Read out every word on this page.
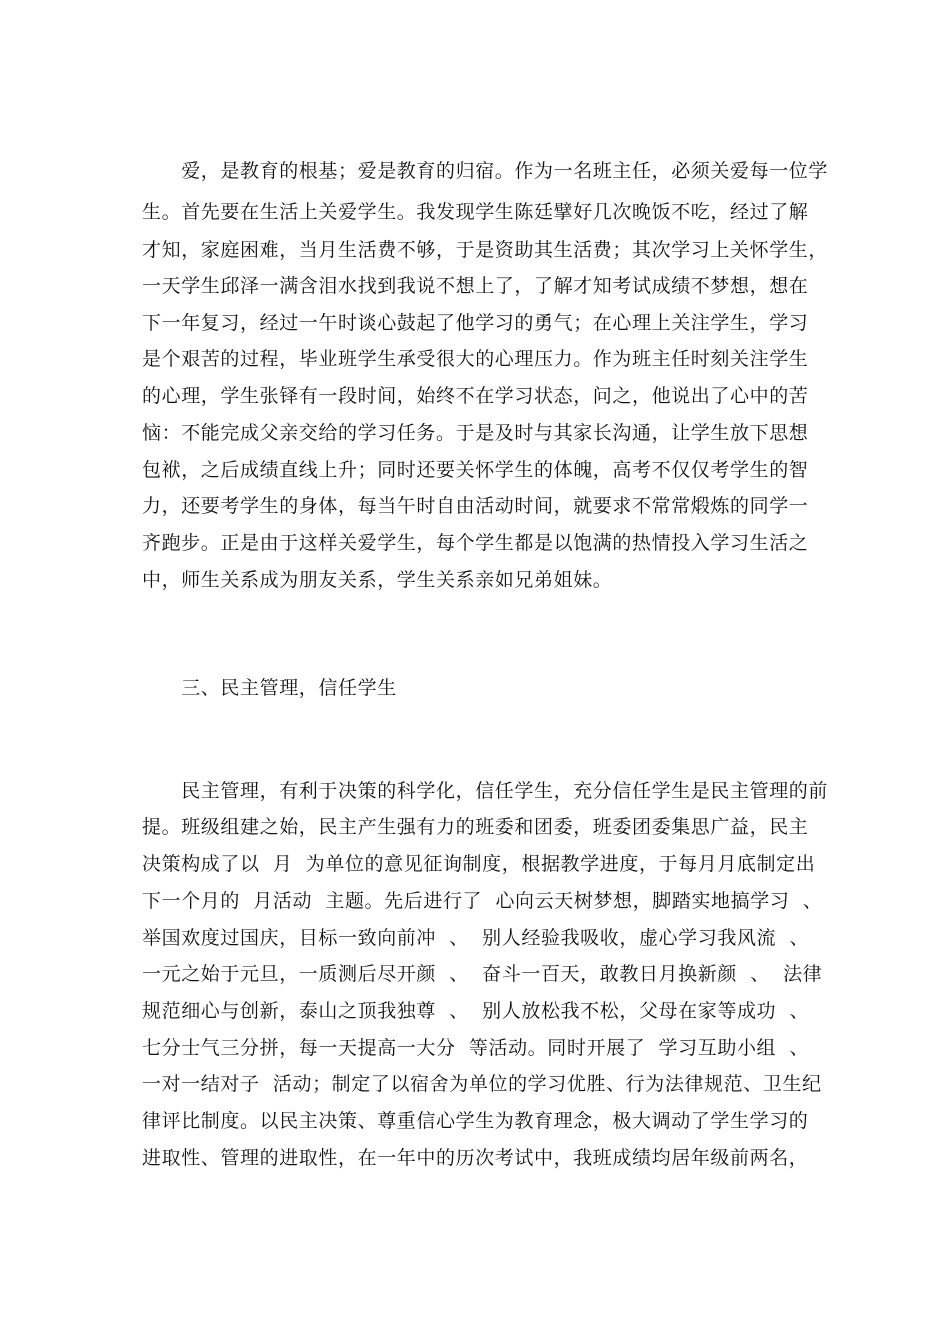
　　爱，是教育的根基；爱是教育的归宿。作为一名班主任，必须关爱每一位学
生。首先要在生活上关爱学生。我发现学生陈廷擘好几次晚饭不吃，经过了解
才知，家庭困难，当月生活费不够，于是资助其生活费；其次学习上关怀学生，
一天学生邱泽一满含泪水找到我说不想上了，了解才知考试成绩不梦想，想在
下一年复习，经过一午时谈心鼓起了他学习的勇气；在心理上关注学生，学习
是个艰苦的过程，毕业班学生承受很大的心理压力。作为班主任时刻关注学生
的心理，学生张铎有一段时间，始终不在学习状态，问之，他说出了心中的苦
恼：不能完成父亲交给的学习任务。于是及时与其家长沟通，让学生放下思想
包袱，之后成绩直线上升；同时还要关怀学生的体魄，高考不仅仅考学生的智
力，还要考学生的身体，每当午时自由活动时间，就要求不常常煅炼的同学一
齐跑步。正是由于这样关爱学生，每个学生都是以饱满的热情投入学习生活之
中，师生关系成为朋友关系，学生关系亲如兄弟姐妹。
　　三、民主管理，信任学生
　　民主管理，有利于决策的科学化，信任学生，充分信任学生是民主管理的前
提。班级组建之始，民主产生强有力的班委和团委，班委团委集思广益，民主
决策构成了以  月  为单位的意见征询制度，根据教学进度，于每月月底制定出
下一个月的  月活动  主题。先后进行了  心向云天树梦想，脚踏实地搞学习  、
举国欢度过国庆，目标一致向前冲  、  别人经验我吸收，虚心学习我风流  、
一元之始于元旦，一质测后尽开颜  、  奋斗一百天，敢教日月换新颜  、  法律
规范细心与创新，泰山之顶我独尊  、  别人放松我不松，父母在家等成功  、
七分士气三分拼，每一天提高一大分  等活动。同时开展了  学习互助小组  、
一对一结对子  活动；制定了以宿舍为单位的学习优胜、行为法律规范、卫生纪
律评比制度。以民主决策、尊重信心学生为教育理念，极大调动了学生学习的
进取性、管理的进取性，在一年中的历次考试中，我班成绩均居年级前两名，
